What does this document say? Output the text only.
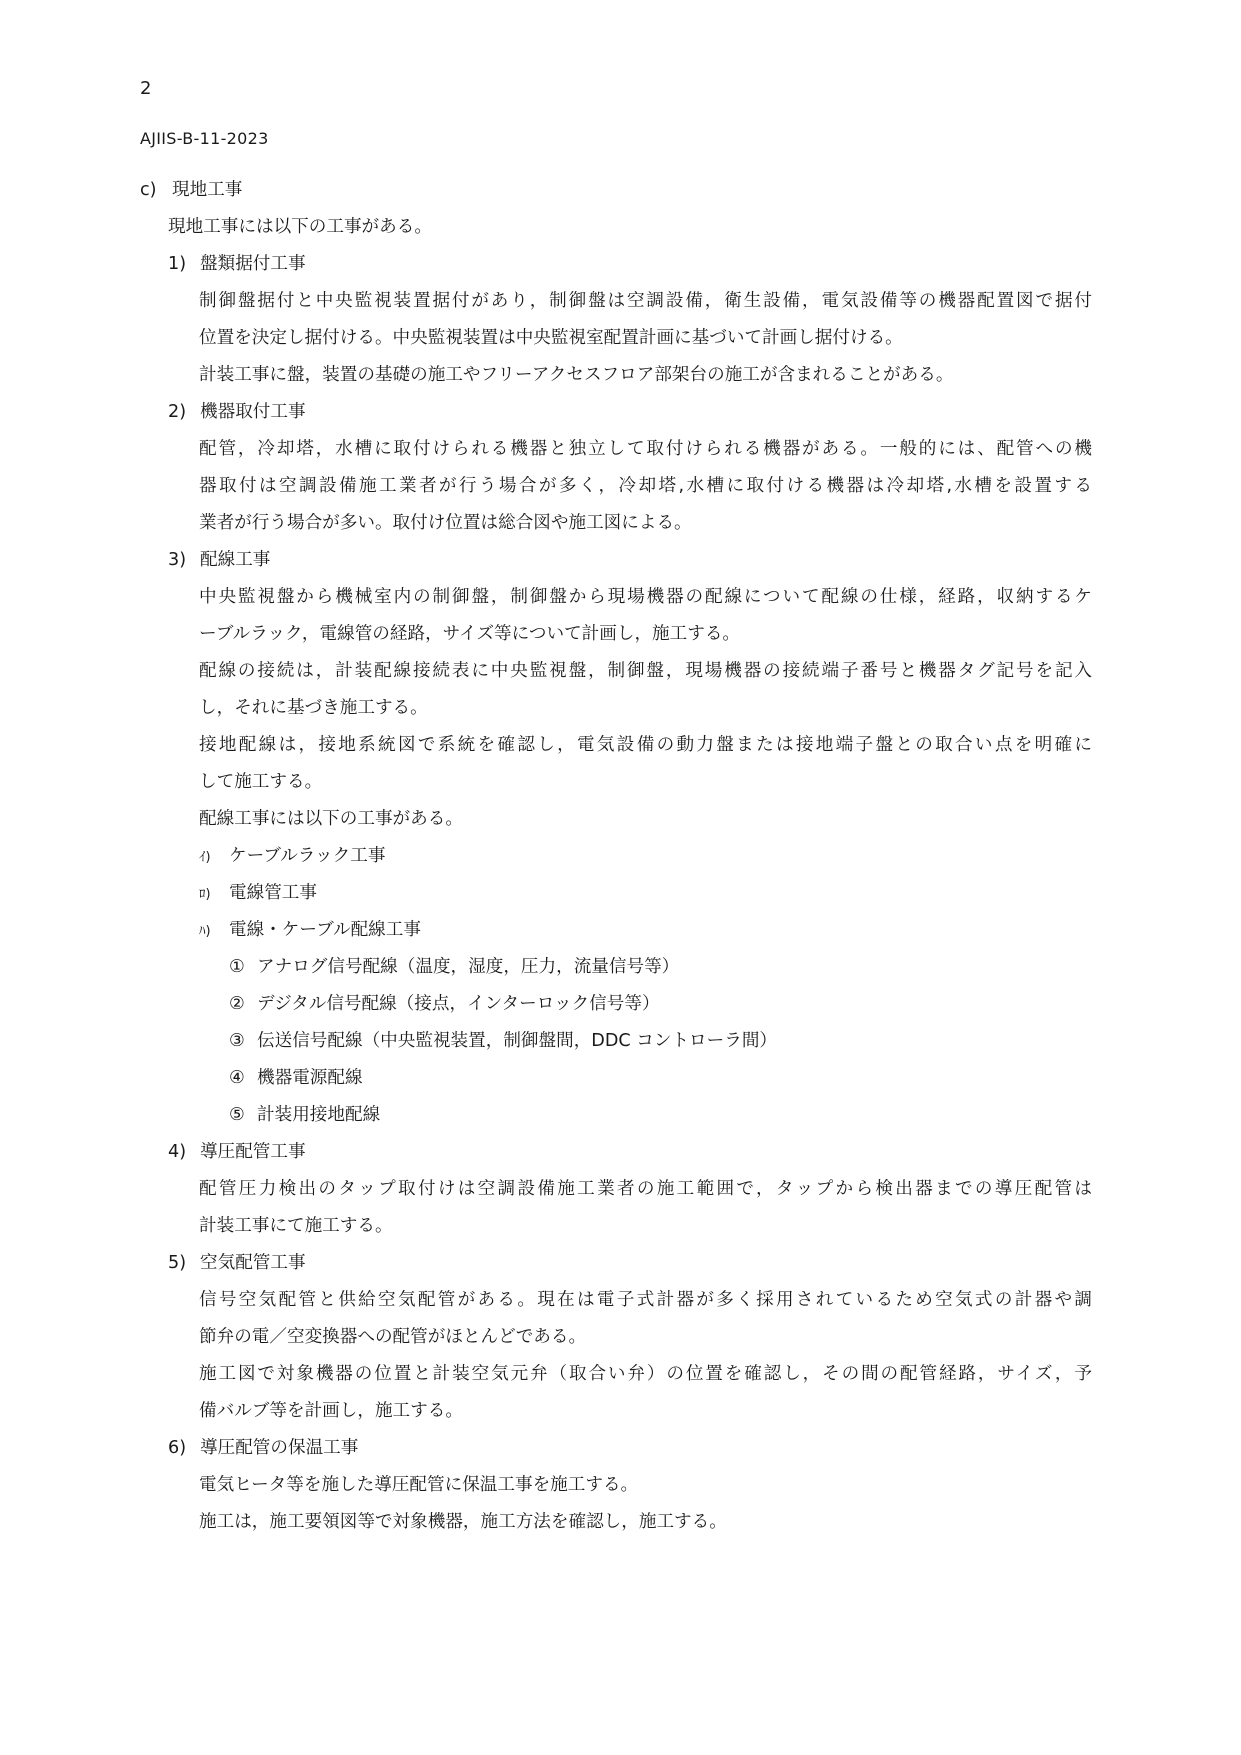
2
AJIIS-B-11-2023
c) 現地工事
現地工事には以下の工事がある。
1) 盤類据付工事
制御盤据付と中央監視装置据付があり，制御盤は空調設備，衛生設備，電気設備等の機器配置図で据付
位置を決定し据付ける。中央監視装置は中央監視室配置計画に基づいて計画し据付ける。
計装工事に盤，装置の基礎の施工やフリーアクセスフロア部架台の施工が含まれることがある。
2) 機器取付工事
配管，冷却塔，水槽に取付けられる機器と独立して取付けられる機器がある。一般的には、配管への機
器取付は空調設備施工業者が行う場合が多く，冷却塔,水槽に取付ける機器は冷却塔,水槽を設置する
業者が行う場合が多い。取付け位置は総合図や施工図による。
3) 配線工事
中央監視盤から機械室内の制御盤，制御盤から現場機器の配線について配線の仕様，経路，収納するケ
ーブルラック，電線管の経路，サイズ等について計画し，施工する。
配線の接続は，計装配線接続表に中央監視盤，制御盤，現場機器の接続端子番号と機器タグ記号を記入
し，それに基づき施工する。
接地配線は，接地系統図で系統を確認し，電気設備の動力盤または接地端子盤との取合い点を明確に
して施工する。
配線工事には以下の工事がある。
ｲ) ケーブルラック工事
ﾛ) 電線管工事
ﾊ) 電線・ケーブル配線工事
① アナログ信号配線（温度，湿度，圧力，流量信号等）
② デジタル信号配線（接点，インターロック信号等）
③ 伝送信号配線（中央監視装置，制御盤間，DDC コントローラ間）
④ 機器電源配線
⑤ 計装用接地配線
4) 導圧配管工事
配管圧力検出のタップ取付けは空調設備施工業者の施工範囲で，タップから検出器までの導圧配管は
計装工事にて施工する。
5) 空気配管工事
信号空気配管と供給空気配管がある。現在は電子式計器が多く採用されているため空気式の計器や調
節弁の電／空変換器への配管がほとんどである。
施工図で対象機器の位置と計装空気元弁（取合い弁）の位置を確認し，その間の配管経路，サイズ，予
備バルブ等を計画し，施工する。
6) 導圧配管の保温工事
電気ヒータ等を施した導圧配管に保温工事を施工する。
施工は，施工要領図等で対象機器，施工方法を確認し，施工する。
